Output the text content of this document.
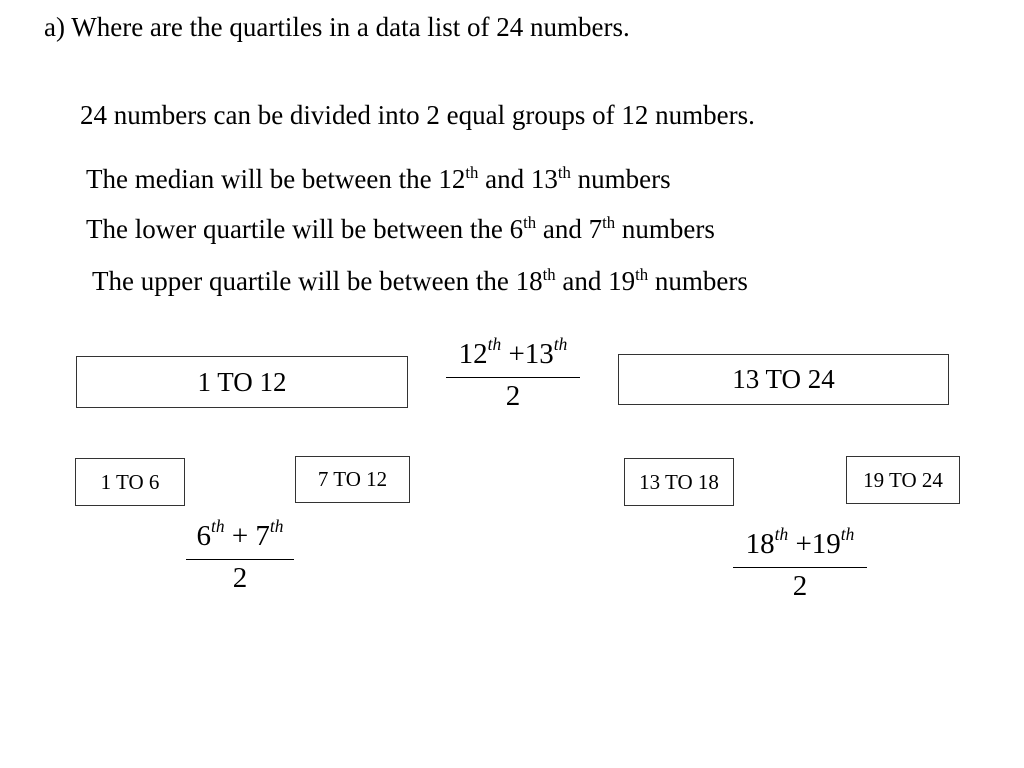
a) Where are the quartiles in a data list of 24 numbers.
24 numbers can be divided into 2 equal groups of 12 numbers.
The median will be between the 12th and 13th numbers
The lower quartile will be between the 6th and 7th numbers
The upper quartile will be between the 18th and 19th numbers
1 TO 12	13 TO 24
1 TO 6	7 TO 12	13 TO 18	19 TO 24
12th +13th
2
6th + 7th
2
18th +19th
2
